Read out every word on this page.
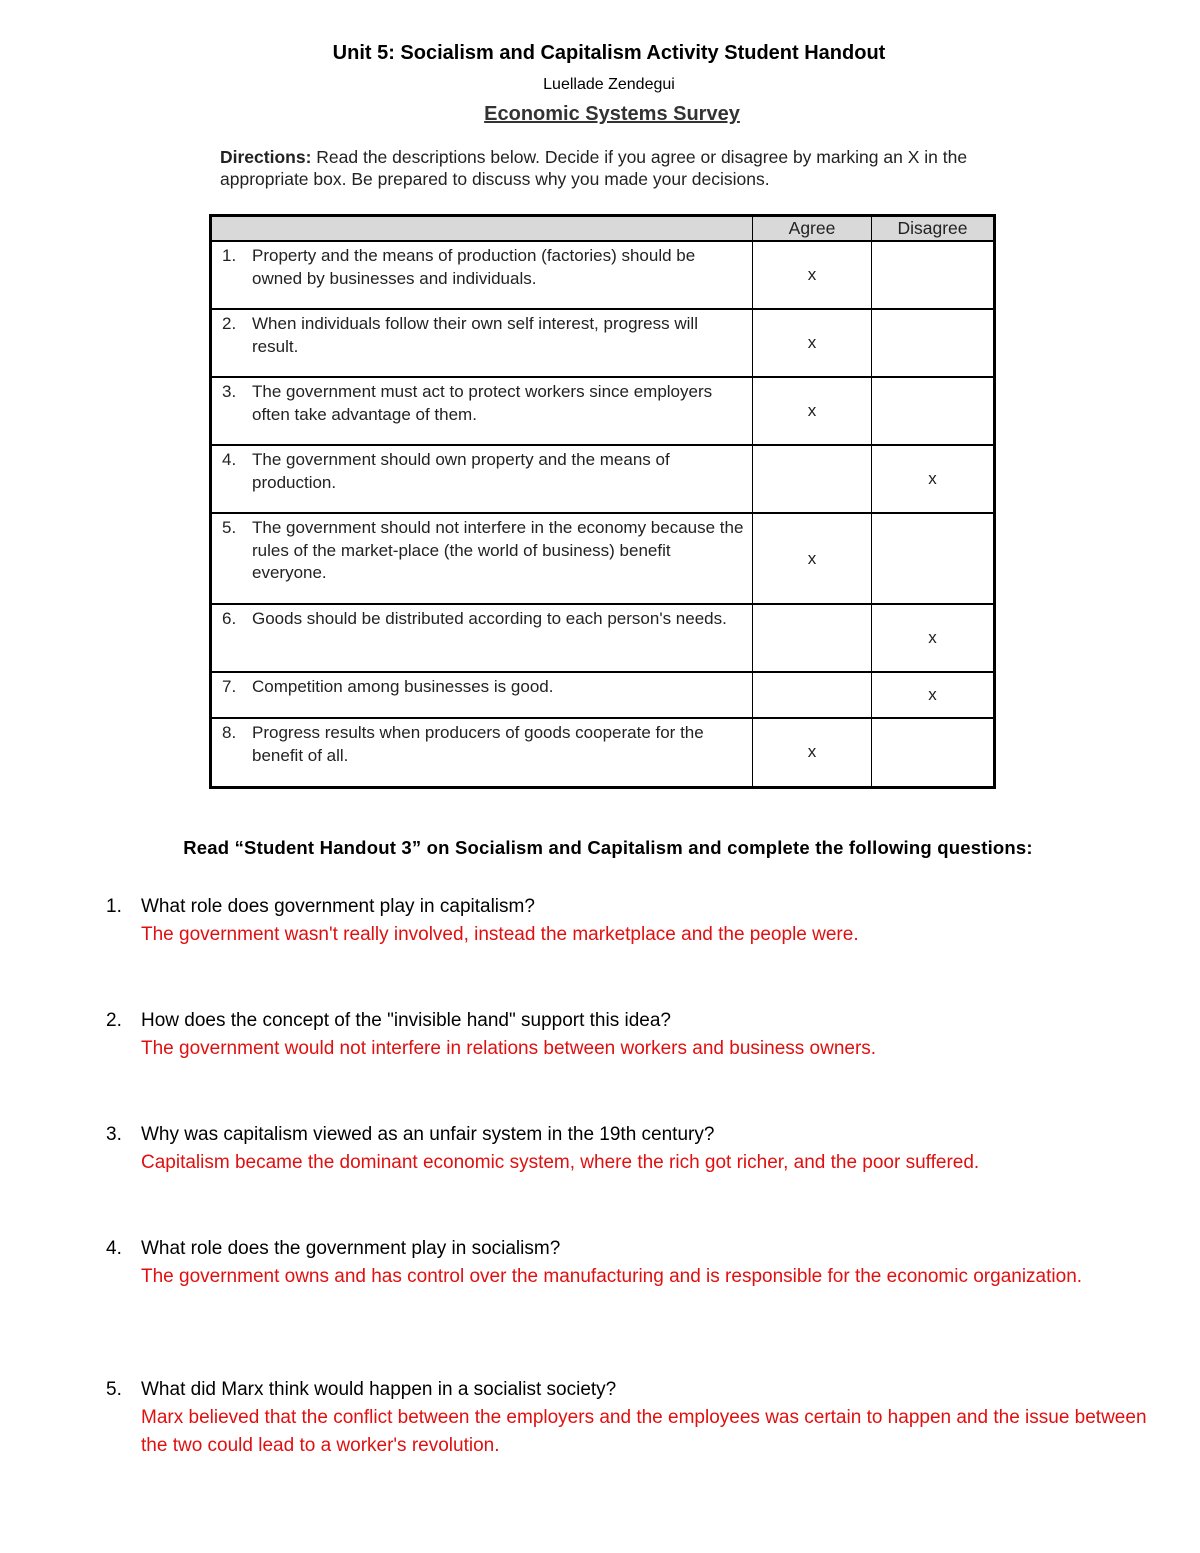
Unit 5: Socialism and Capitalism Activity Student Handout
Luellade Zendegui
Economic Systems Survey
Directions: Read the descriptions below. Decide if you agree or disagree by marking an X in the appropriate box. Be prepared to discuss why you made your decisions.
	Agree	Disagree

1. Property and the means of production (factories) should be owned by businesses and individuals.	x	

2. When individuals follow their own self interest, progress will result.	x	

3. The government must act to protect workers since employers often take advantage of them.	x	

4. The government should own property and the means of production.		x

5. The government should not interfere in the economy because the rules of the market-place (the world of business) benefit everyone.	x	

6. Goods should be distributed according to each person's needs.		x

7. Competition among businesses is good.		x

8. Progress results when producers of goods cooperate for the benefit of all.	x	
Read “Student Handout 3” on Socialism and Capitalism and complete the following questions:
1.	What role does government play in capitalism?
The government wasn't really involved, instead the marketplace and the people were.
2.	How does the concept of the "invisible hand" support this idea?
The government would not interfere in relations between workers and business owners.
3.	Why was capitalism viewed as an unfair system in the 19th century?
Capitalism became the dominant economic system, where the rich got richer, and the poor suffered.
4.	What role does the government play in socialism?
The government owns and has control over the manufacturing and is responsible for the economic organization.
5.	What did Marx think would happen in a socialist society?
Marx believed that the conflict between the employers and the employees was certain to happen and the issue between the two could lead to a worker's revolution.
